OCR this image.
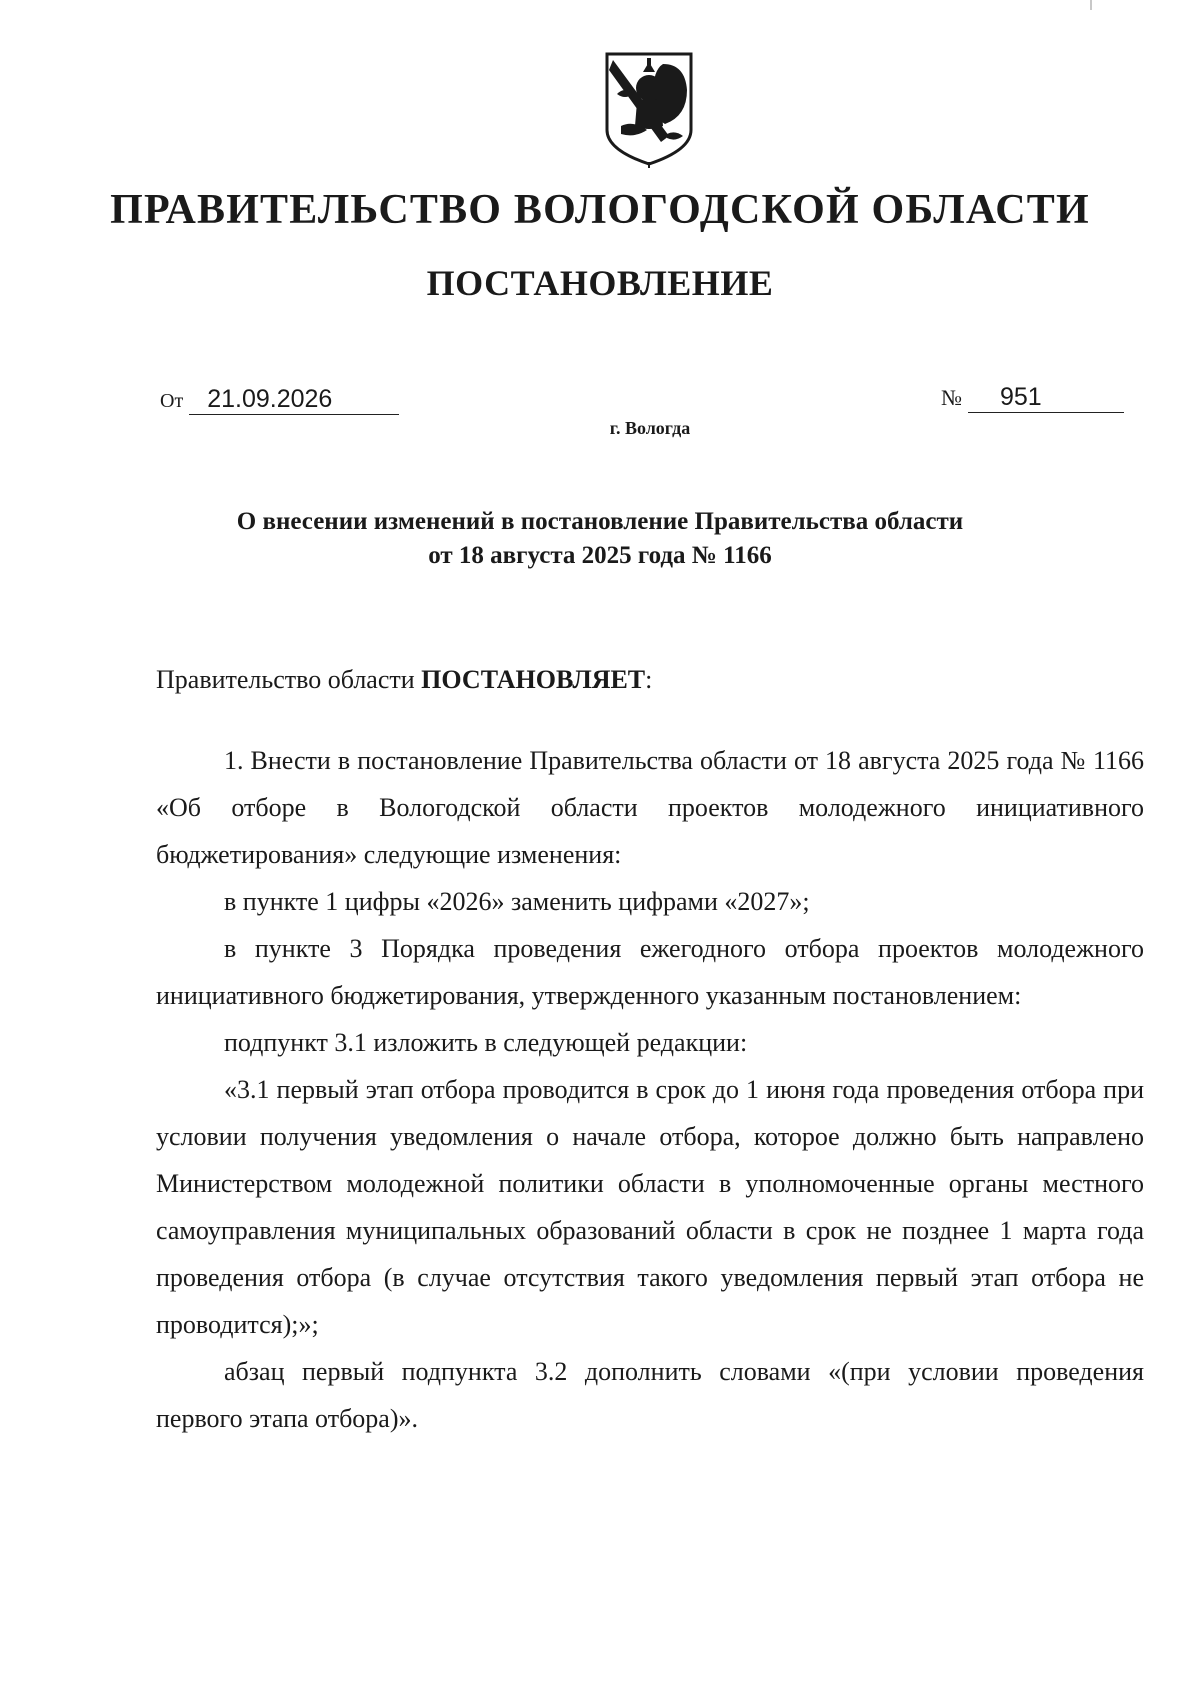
ПРАВИТЕЛЬСТВО ВОЛОГОДСКОЙ ОБЛАСТИ
ПОСТАНОВЛЕНИЕ
От 21.09.2026	№ 951
г. Вологда
О внесении изменений в постановление Правительства области
от 18 августа 2025 года № 1166

Правительство области ПОСТАНОВЛЯЕТ:

1. Внести в постановление Правительства области от 18 августа 2025 года № 1166 «Об отборе в Вологодской области проектов молодежного инициативного бюджетирования» следующие изменения:

в пункте 1 цифры «2026» заменить цифрами «2027»;

в пункте 3 Порядка проведения ежегодного отбора проектов молодежного инициативного бюджетирования, утвержденного указанным постановлением:

подпункт 3.1 изложить в следующей редакции:

«3.1 первый этап отбора проводится в срок до 1 июня года проведения отбора при условии получения уведомления о начале отбора, которое должно быть направлено Министерством молодежной политики области в уполномоченные органы местного самоуправления муниципальных образований области в срок не позднее 1 марта года проведения отбора (в случае отсутствия такого уведомления первый этап отбора не проводится);»;

абзац первый подпункта 3.2 дополнить словами «(при условии проведения первого этапа отбора)».
